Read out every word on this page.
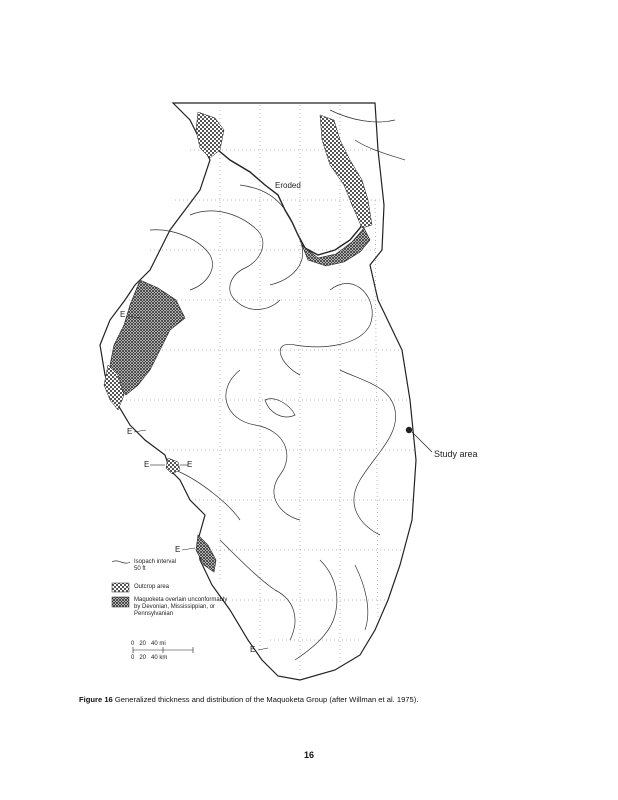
Eroded
Study area
E
E
E	E
E
E
Isopach interval 50 ft
Outcrop area
Maquoketa overlain unconformably by Devonian, Mississippian, or Pennsylvanian
0   20   40 mi
0   20   40 km
Figure 16 Generalized thickness and distribution of the Maquoketa Group (after Willman et al. 1975).
16
